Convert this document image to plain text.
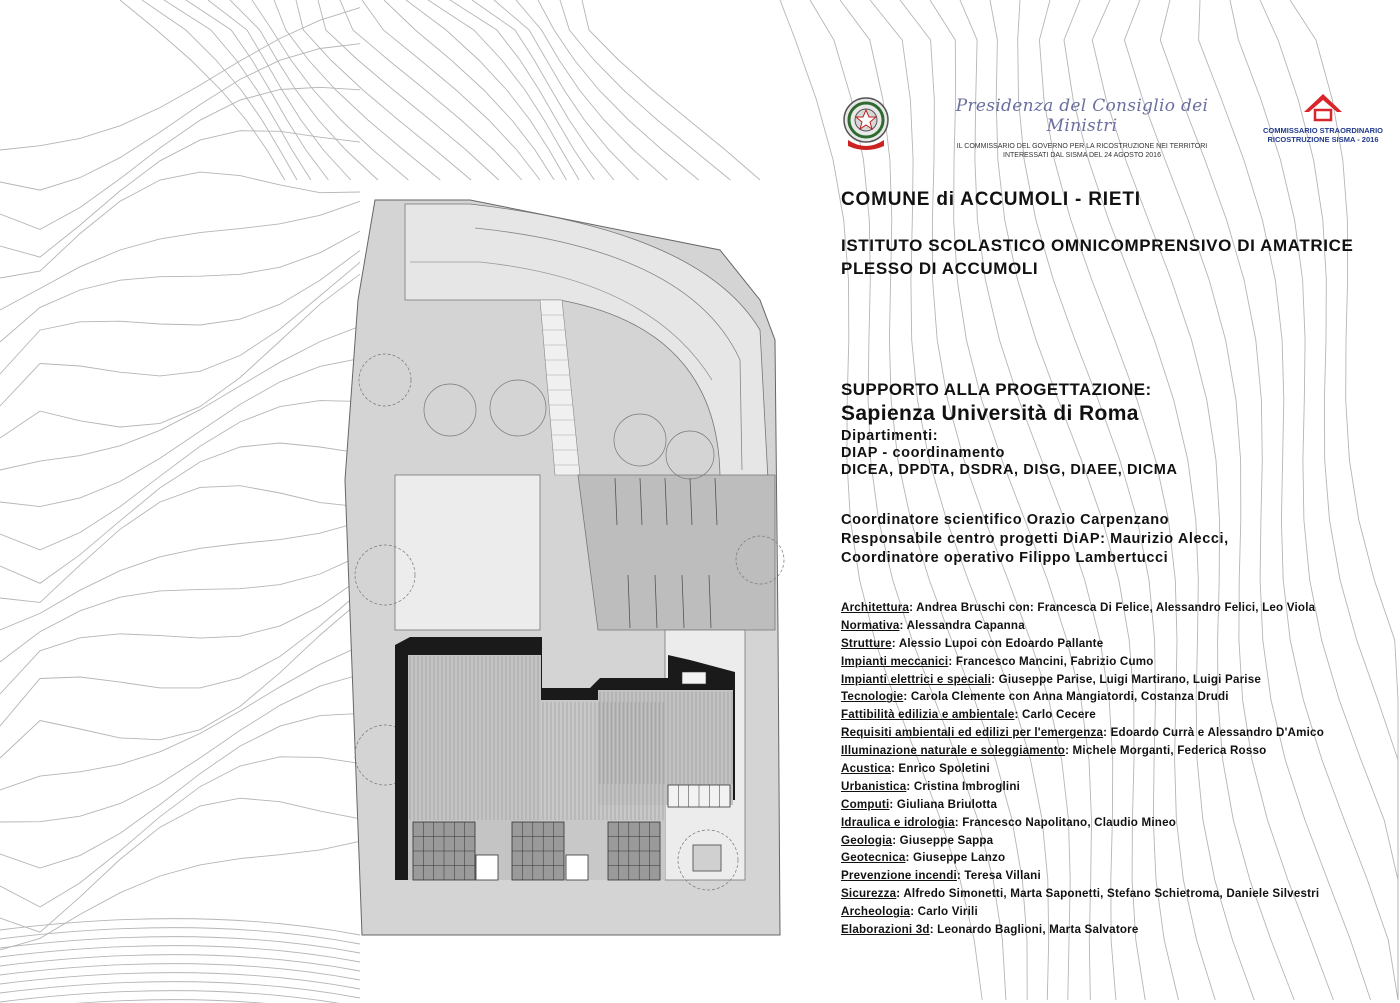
Presidenza del Consiglio dei Ministri
IL COMMISSARIO DEL GOVERNO PER LA RICOSTRUZIONE NEI TERRITORI
INTERESSATI DAL SISMA DEL 24 AGOSTO 2016
COMMISSARIO STRAORDINARIO
RICOSTRUZIONE SISMA - 2016
COMUNE di ACCUMOLI - RIETI
ISTITUTO SCOLASTICO OMNICOMPRENSIVO DI AMATRICE
PLESSO DI ACCUMOLI
SUPPORTO ALLA PROGETTAZIONE:
Sapienza Università di Roma
Dipartimenti:
DIAP - coordinamento
DICEA, DPDTA, DSDRA, DISG, DIAEE, DICMA
Coordinatore scientifico Orazio Carpenzano
Responsabile centro progetti DiAP: Maurizio Alecci,
Coordinatore operativo Filippo Lambertucci
Architettura: Andrea Bruschi con: Francesca Di Felice, Alessandro Felici, Leo Viola
Normativa: Alessandra Capanna
Strutture: Alessio Lupoi con Edoardo Pallante
Impianti meccanici: Francesco Mancini, Fabrizio Cumo
Impianti elettrici e speciali: Giuseppe Parise, Luigi Martirano, Luigi Parise
Tecnologie: Carola Clemente con Anna Mangiatordi, Costanza Drudi
Fattibilità edilizia e ambientale: Carlo Cecere
Requisiti ambientali ed edilizi per l'emergenza: Edoardo Currà e Alessandro D'Amico
Illuminazione naturale e soleggiamento: Michele Morganti, Federica Rosso
Acustica: Enrico Spoletini
Urbanistica: Cristina Imbroglini
Computi: Giuliana Briulotta
Idraulica e idrologia: Francesco Napolitano, Claudio Mineo
Geologia: Giuseppe Sappa
Geotecnica: Giuseppe Lanzo
Prevenzione incendi: Teresa Villani
Sicurezza: Alfredo Simonetti, Marta Saponetti, Stefano Schietroma, Daniele Silvestri
Archeologia: Carlo Virili
Elaborazioni 3d: Leonardo Baglioni, Marta Salvatore
